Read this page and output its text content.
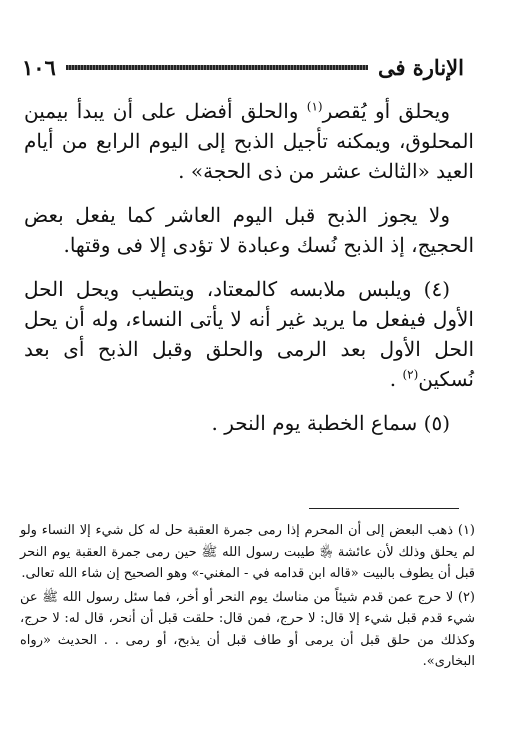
١٠٦	الإنارة فى

ويحلق أو يُقصر$^{(١)}$ والحلق أفضل على أن يبدأ بيمين المحلوق، ويمكنه تأجيل الذبح إلى اليوم الرابع من أيام العيد «الثالث عشر من ذى الحجة» .

ولا يجوز الذبح قبل اليوم العاشر كما يفعل بعض الحجيج، إذ الذبح نُسك وعبادة لا تؤدى إلا فى وقتها.

(٤) ويلبس ملابسه كالمعتاد، ويتطيب ويحل الحل الأول فيفعل ما يريد غير أنه لا يأتى النساء، وله أن يحل الحل الأول بعد الرمى والحلق وقبل الذبح أى بعد نُسكين$^{(٢)}$ .

(٥) سماع الخطبة يوم النحر .

(١) ذهب البعض إلى أن المحرم إذا رمى جمرة العقبة حل له كل شيء إلا النساء ولو لم يحلق وذلك لأن عائشة ﵂ طيبت رسول الله ﷺ حين رمى جمرة العقبة يوم النحر قبل أن يطوف بالبيت «قاله ابن قدامه في - المغني-» وهو الصحيح إن شاء الله تعالى.

(٢) لا حرج عمن قدم شيئاً من مناسك يوم النحر أو أخر، فما سئل رسول الله ﷺ عن شيء قدم قبل شيء إلا قال: لا حرج، فمن قال: حلقت قبل أن أنحر، قال له: لا حرج، وكذلك من حلق قبل أن يرمى أو طاف قبل أن يذبح، أو رمى . . الحديث «رواه البخارى».
